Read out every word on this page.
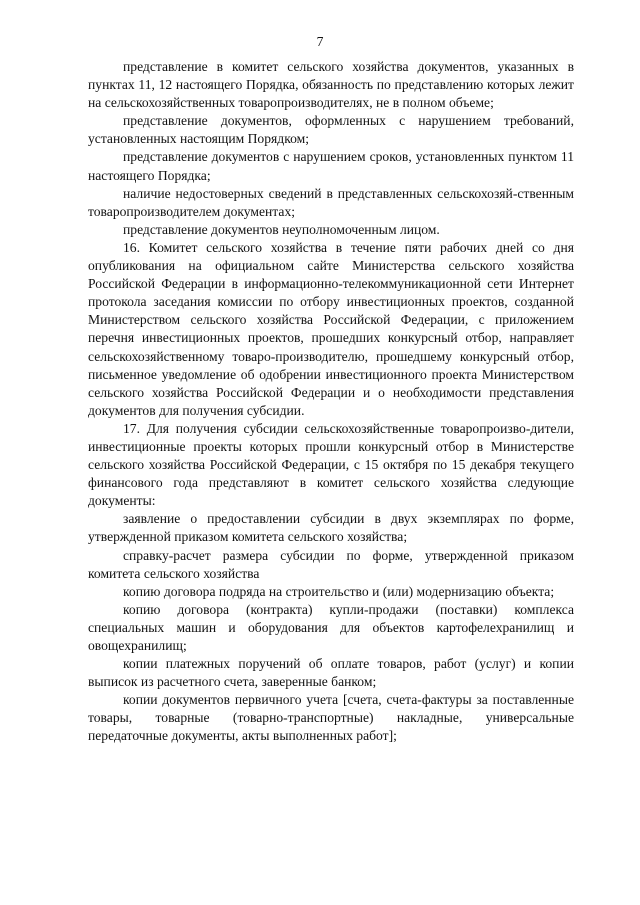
7

представление в комитет сельского хозяйства документов, указанных в пунктах 11, 12 настоящего Порядка, обязанность по представлению которых лежит на сельскохозяйственных товаропроизводителях, не в полном объеме;

представление документов, оформленных с нарушением требований, установленных настоящим Порядком;

представление документов с нарушением сроков, установленных пунктом 11 настоящего Порядка;

наличие недостоверных сведений в представленных сельскохозяй-ственным товаропроизводителем документах;

представление документов неуполномоченным лицом.

16. Комитет сельского хозяйства в течение пяти рабочих дней со дня опубликования на официальном сайте Министерства сельского хозяйства Российской Федерации в информационно-телекоммуникационной сети Интернет протокола заседания комиссии по отбору инвестиционных проектов, созданной Министерством сельского хозяйства Российской Федерации, с приложением перечня инвестиционных проектов, прошедших конкурсный отбор, направляет сельскохозяйственному товаро-производителю, прошедшему конкурсный отбор, письменное уведомление об одобрении инвестиционного проекта Министерством сельского хозяйства Российской Федерации и о необходимости представления документов для получения субсидии.

17. Для получения субсидии сельскохозяйственные товаропроизво-дители, инвестиционные проекты которых прошли конкурсный отбор в Министерстве сельского хозяйства Российской Федерации, с 15 октября по 15 декабря текущего финансового года представляют в комитет сельского хозяйства следующие документы:

заявление о предоставлении субсидии в двух экземплярах по форме, утвержденной приказом комитета сельского хозяйства;

справку-расчет размера субсидии по форме, утвержденной приказом комитета сельского хозяйства

копию договора подряда на строительство и (или) модернизацию объекта;

копию договора (контракта) купли-продажи (поставки) комплекса специальных машин и оборудования для объектов картофелехранилищ и овощехранилищ;

копии платежных поручений об оплате товаров, работ (услуг) и копии выписок из расчетного счета, заверенные банком;

копии документов первичного учета [счета, счета-фактуры за поставленные товары, товарные (товарно-транспортные) накладные, универсальные передаточные документы, акты выполненных работ];
